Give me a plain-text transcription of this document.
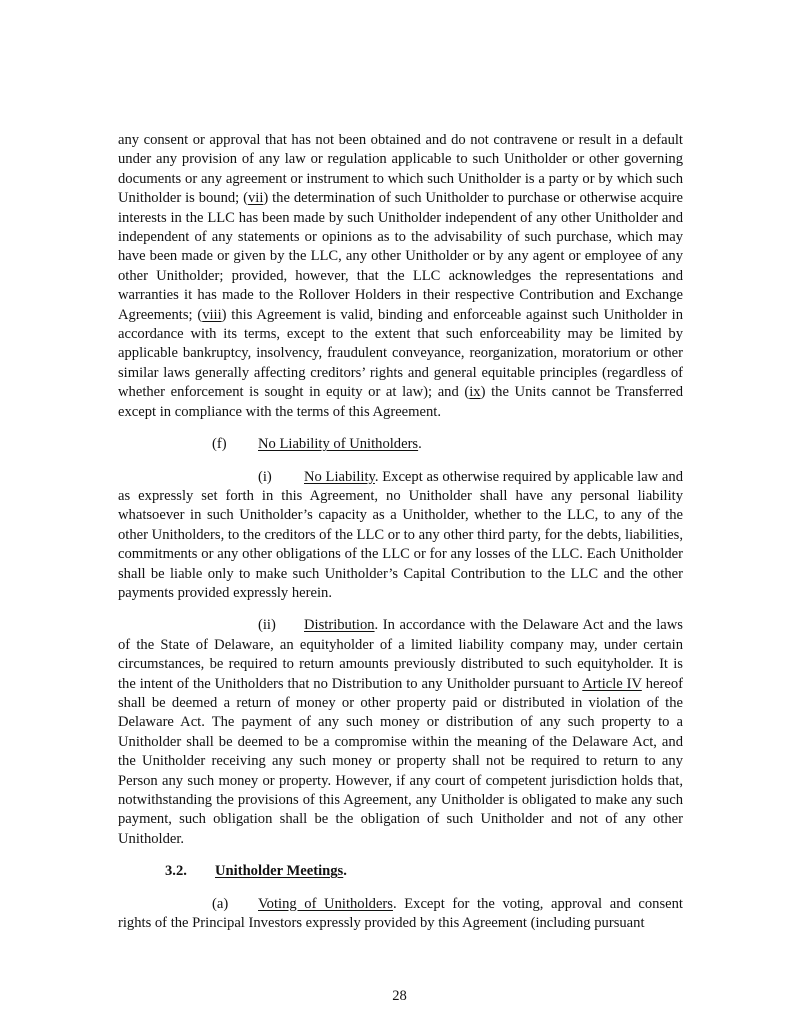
any consent or approval that has not been obtained and do not contravene or result in a default under any provision of any law or regulation applicable to such Unitholder or other governing documents or any agreement or instrument to which such Unitholder is a party or by which such Unitholder is bound; (vii) the determination of such Unitholder to purchase or otherwise acquire interests in the LLC has been made by such Unitholder independent of any other Unitholder and independent of any statements or opinions as to the advisability of such purchase, which may have been made or given by the LLC, any other Unitholder or by any agent or employee of any other Unitholder; provided, however, that the LLC acknowledges the representations and warranties it has made to the Rollover Holders in their respective Contribution and Exchange Agreements; (viii) this Agreement is valid, binding and enforceable against such Unitholder in accordance with its terms, except to the extent that such enforceability may be limited by applicable bankruptcy, insolvency, fraudulent conveyance, reorganization, moratorium or other similar laws generally affecting creditors’ rights and general equitable principles (regardless of whether enforcement is sought in equity or at law); and (ix) the Units cannot be Transferred except in compliance with the terms of this Agreement.

(f) No Liability of Unitholders.

(i) No Liability. Except as otherwise required by applicable law and as expressly set forth in this Agreement, no Unitholder shall have any personal liability whatsoever in such Unitholder’s capacity as a Unitholder, whether to the LLC, to any of the other Unitholders, to the creditors of the LLC or to any other third party, for the debts, liabilities, commitments or any other obligations of the LLC or for any losses of the LLC. Each Unitholder shall be liable only to make such Unitholder’s Capital Contribution to the LLC and the other payments provided expressly herein.

(ii) Distribution. In accordance with the Delaware Act and the laws of the State of Delaware, an equityholder of a limited liability company may, under certain circumstances, be required to return amounts previously distributed to such equityholder. It is the intent of the Unitholders that no Distribution to any Unitholder pursuant to Article IV hereof shall be deemed a return of money or other property paid or distributed in violation of the Delaware Act. The payment of any such money or distribution of any such property to a Unitholder shall be deemed to be a compromise within the meaning of the Delaware Act, and the Unitholder receiving any such money or property shall not be required to return to any Person any such money or property. However, if any court of competent jurisdiction holds that, notwithstanding the provisions of this Agreement, any Unitholder is obligated to make any such payment, such obligation shall be the obligation of such Unitholder and not of any other Unitholder.

3.2. Unitholder Meetings.

(a) Voting of Unitholders. Except for the voting, approval and consent rights of the Principal Investors expressly provided by this Agreement (including pursuant

28
